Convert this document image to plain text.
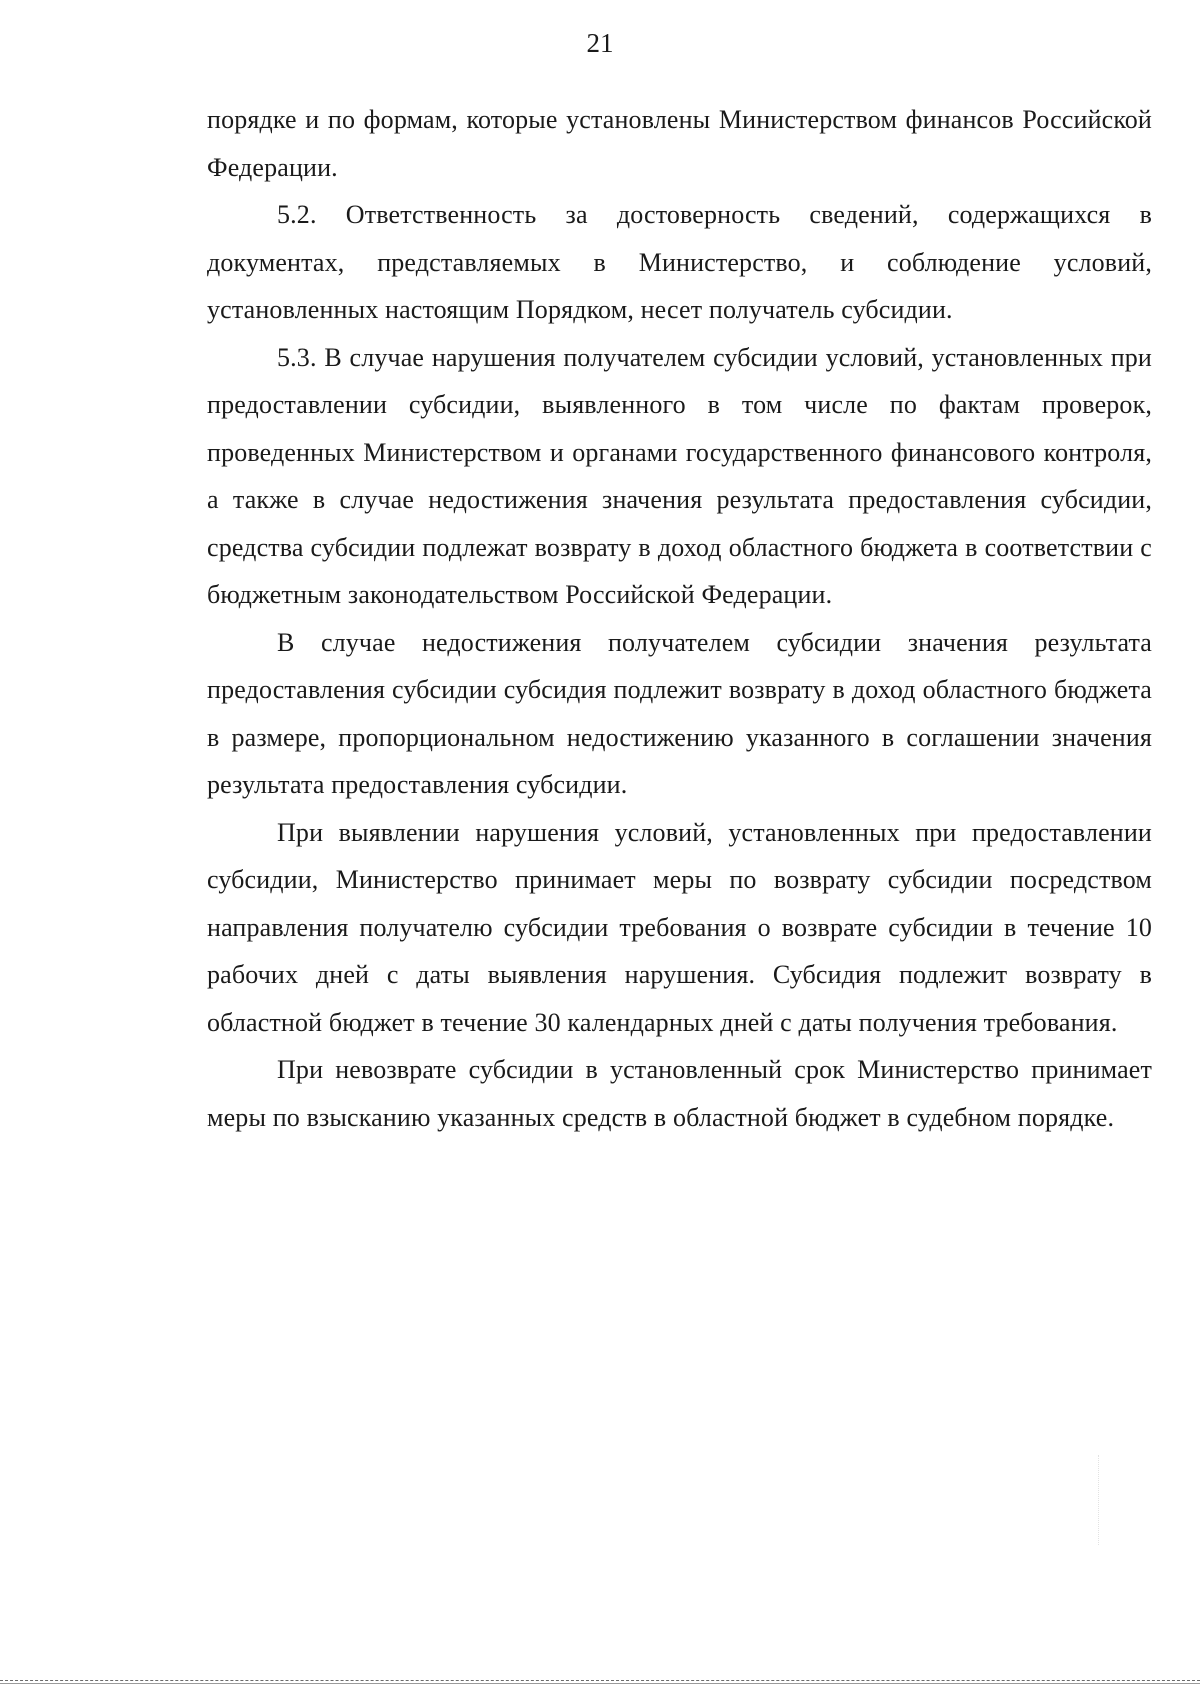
21

порядке и по формам, которые установлены Министерством финансов Российской Федерации.

5.2. Ответственность за достоверность сведений, содержащихся в документах, представляемых в Министерство, и соблюдение условий, установленных настоящим Порядком, несет получатель субсидии.

5.3. В случае нарушения получателем субсидии условий, установленных при предоставлении субсидии, выявленного в том числе по фактам проверок, проведенных Министерством и органами государственного финансового контроля, а также в случае недостижения значения результата предоставления субсидии, средства субсидии подлежат возврату в доход областного бюджета в соответствии с бюджетным законодательством Российской Федерации.

В случае недостижения получателем субсидии значения результата предоставления субсидии субсидия подлежит возврату в доход областного бюджета в размере, пропорциональном недостижению указанного в соглашении значения результата предоставления субсидии.

При выявлении нарушения условий, установленных при предоставлении субсидии, Министерство принимает меры по возврату субсидии посредством направления получателю субсидии требования о возврате субсидии в течение 10 рабочих дней с даты выявления нарушения. Субсидия подлежит возврату в областной бюджет в течение 30 календарных дней с даты получения требования.

При невозврате субсидии в установленный срок Министерство принимает меры по взысканию указанных средств в областной бюджет в судебном порядке.
